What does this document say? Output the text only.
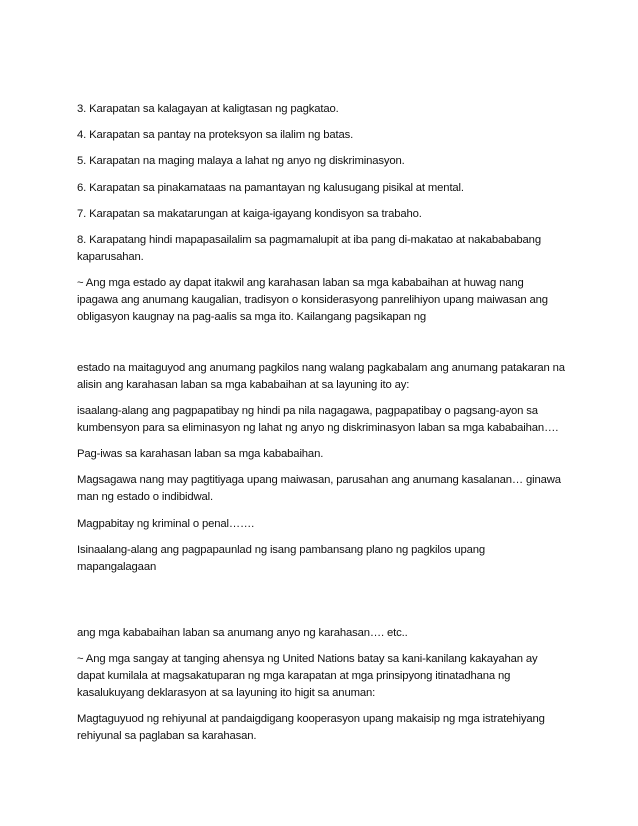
3. Karapatan sa kalagayan at kaligtasan ng pagkatao.

4. Karapatan sa pantay na proteksyon sa ilalim ng batas.

5. Karapatan na maging malaya a lahat ng anyo ng diskriminasyon.

6. Karapatan sa pinakamataas na pamantayan ng kalusugang pisikal at mental.

7. Karapatan sa makatarungan at kaiga-igayang kondisyon sa trabaho.

8. Karapatang hindi mapapasailalim sa pagmamalupit at iba pang di-makatao at nakabababang kaparusahan.

~ Ang mga estado ay dapat itakwil ang karahasan laban sa mga kababaihan at huwag nang ipagawa ang anumang kaugalian, tradisyon o konsiderasyong panrelihiyon upang maiwasan ang obligasyon kaugnay na pag-aalis sa mga ito. Kailangang pagsikapan ng

estado na maitaguyod ang anumang pagkilos nang walang pagkabalam ang anumang patakaran na alisin ang karahasan laban sa mga kababaihan at sa layuning ito ay:

isaalang-alang ang pagpapatibay ng hindi pa nila nagagawa, pagpapatibay o pagsang-ayon sa kumbensyon para sa eliminasyon ng lahat ng anyo ng diskriminasyon laban sa mga kababaihan….

Pag-iwas sa karahasan laban sa mga kababaihan.

Magsagawa nang may pagtitiyaga upang maiwasan, parusahan ang anumang kasalanan… ginawa man ng estado o indibidwal.

Magpabitay ng kriminal o penal…….

Isinaalang-alang ang pagpapaunlad ng isang pambansang plano ng pagkilos upang mapangalagaan

ang mga kababaihan laban sa anumang anyo ng karahasan…. etc..

~ Ang mga sangay at tanging ahensya ng United Nations batay sa kani-kanilang kakayahan ay dapat kumilala at magsakatuparan ng mga karapatan at mga prinsipyong itinatadhana ng kasalukuyang deklarasyon at sa layuning ito higit sa anuman:

Magtaguyuod ng rehiyunal at pandaigdigang kooperasyon upang makaisip ng mga istratehiyang rehiyunal sa paglaban sa karahasan.
